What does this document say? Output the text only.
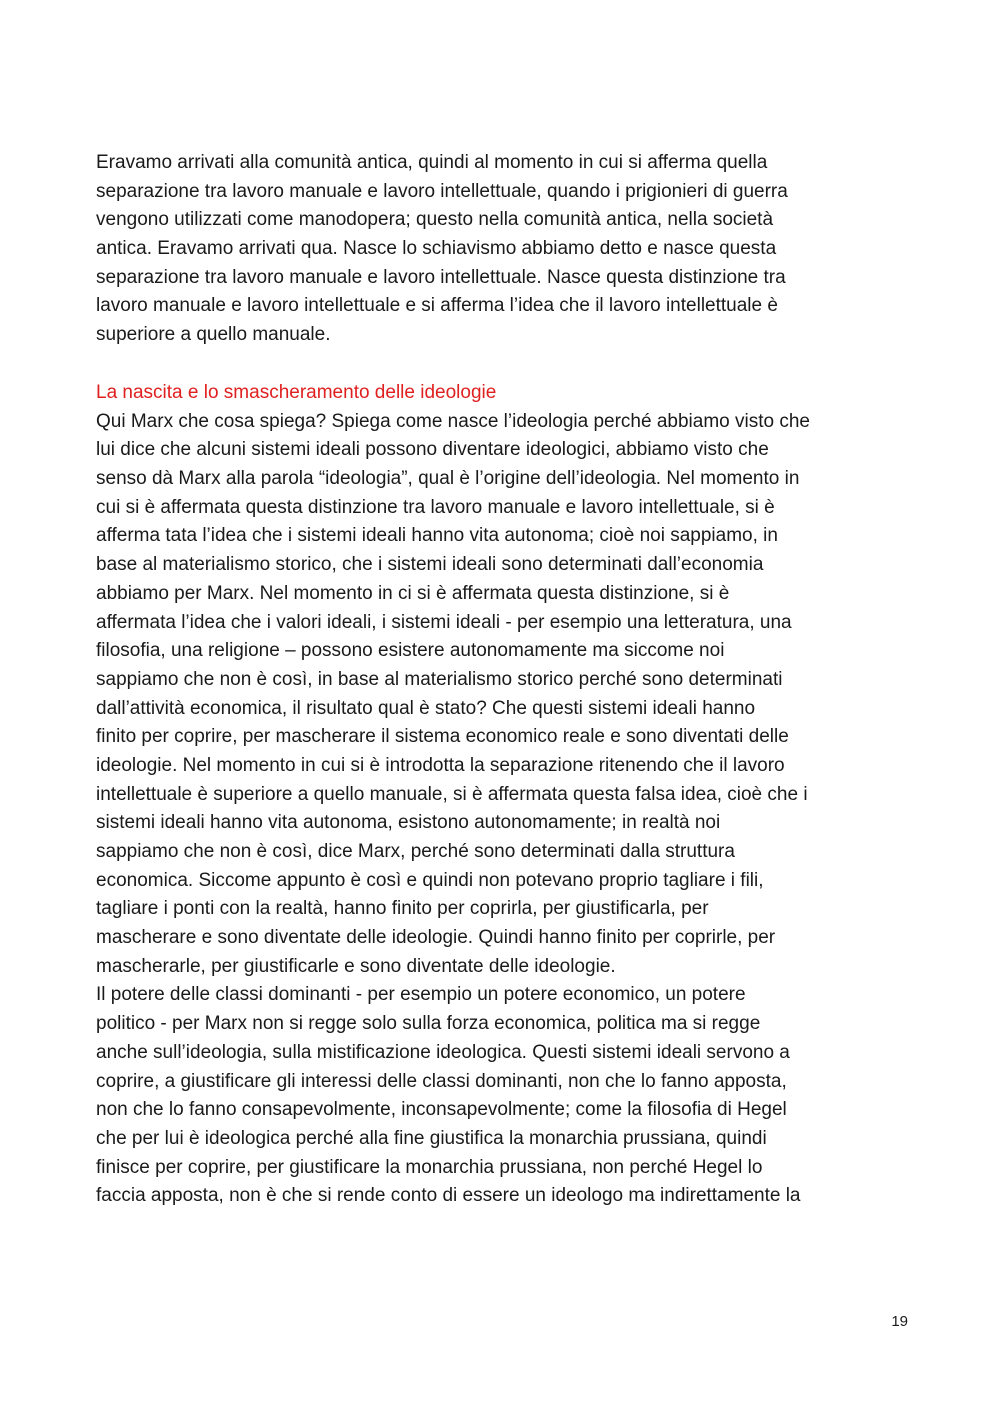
Eravamo arrivati alla comunità antica, quindi al momento in cui si afferma quella
separazione tra lavoro manuale e lavoro intellettuale, quando i prigionieri di guerra
vengono utilizzati come manodopera; questo nella comunità antica, nella società
antica. Eravamo arrivati qua. Nasce lo schiavismo abbiamo detto e nasce questa
separazione tra lavoro manuale e lavoro intellettuale. Nasce questa distinzione tra
lavoro manuale e lavoro intellettuale e si afferma l’idea che il lavoro intellettuale è
superiore a quello manuale.
La nascita e lo smascheramento delle ideologie
Qui Marx che cosa spiega? Spiega come nasce l’ideologia perché abbiamo visto che
lui dice che alcuni sistemi ideali possono diventare ideologici, abbiamo visto che
senso dà Marx alla parola “ideologia”, qual è l’origine dell’ideologia. Nel momento in
cui si è affermata questa distinzione tra lavoro manuale e lavoro intellettuale, si è
afferma tata l’idea che i sistemi ideali hanno vita autonoma; cioè noi sappiamo, in
base al materialismo storico, che i sistemi ideali sono determinati dall’economia
abbiamo per Marx. Nel momento in ci si è affermata questa distinzione, si è
affermata l’idea che i valori ideali, i sistemi ideali - per esempio una letteratura, una
filosofia, una religione – possono esistere autonomamente ma siccome noi
sappiamo che non è così, in base al materialismo storico perché sono determinati
dall’attività economica, il risultato qual è stato? Che questi sistemi ideali hanno
finito per coprire, per mascherare il sistema economico reale e sono diventati delle
ideologie. Nel momento in cui si è introdotta la separazione ritenendo che il lavoro
intellettuale è superiore a quello manuale, si è affermata questa falsa idea, cioè che i
sistemi ideali hanno vita autonoma, esistono autonomamente; in realtà noi
sappiamo che non è così, dice Marx, perché sono determinati dalla struttura
economica. Siccome appunto è così e quindi non potevano proprio tagliare i fili,
tagliare i ponti con la realtà, hanno finito per coprirla, per giustificarla, per
mascherare e sono diventate delle ideologie. Quindi hanno finito per coprirle, per
mascherarle, per giustificarle e sono diventate delle ideologie.
Il potere delle classi dominanti - per esempio un potere economico, un potere
politico - per Marx non si regge solo sulla forza economica, politica ma si regge
anche sull’ideologia, sulla mistificazione ideologica. Questi sistemi ideali servono a
coprire, a giustificare gli interessi delle classi dominanti, non che lo fanno apposta,
non che lo fanno consapevolmente, inconsapevolmente; come la filosofia di Hegel
che per lui è ideologica perché alla fine giustifica la monarchia prussiana, quindi
finisce per coprire, per giustificare la monarchia prussiana, non perché Hegel lo
faccia apposta, non è che si rende conto di essere un ideologo ma indirettamente la
19
